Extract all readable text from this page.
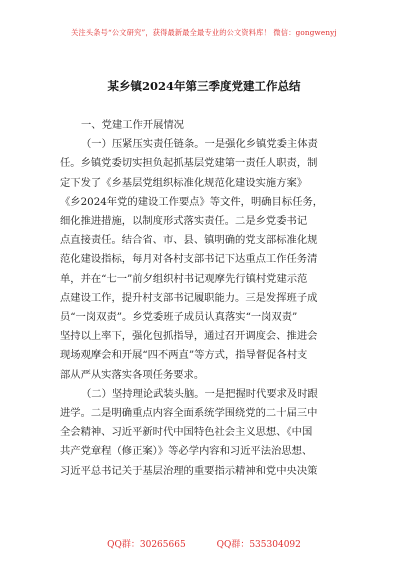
关注头条号“公文研究”，获得最新最全最专业的公文资料库！ 微信：gongwenyj
某乡镇2024年第三季度党建工作总结
一、党建工作开展情况
（一）压紧压实责任链条。一是强化乡镇党委主体责
任。乡镇党委切实担负起抓基层党建第一责任人职责，制
定下发了《乡基层党组织标准化规范化建设实施方案》
《乡2024年党的建设工作要点》等文件，明确目标任务，
细化推进措施，以制度形式落实责任。二是乡党委书记
点直接责任。结合省、市、县、镇明确的党支部标准化规
范化建设指标，每月对各村支部书记下达重点工作任务清
单，并在“七一”前夕组织村书记观摩先行镇村党建示范
点建设工作，提升村支部书记履职能力。三是发挥班子成
员“一岗双责”。乡党委班子成员认真落实“一岗双责”
坚持以上率下，强化包抓指导，通过召开调度会、推进会
现场观摩会和开展“四不两直”等方式，指导督促各村支
部从严从实落实各项任务要求。
（二）坚持理论武装头脑。一是把握时代要求及时跟
进学。二是明确重点内容全面系统学围绕党的二十届三中
全会精神、习近平新时代中国特色社会主义思想、《中国
共产党章程（修正案）》等必学内容和习近平法治思想、
习近平总书记关于基层治理的重要指示精神和党中央决策
QQ群：30265665	QQ群：535304092
